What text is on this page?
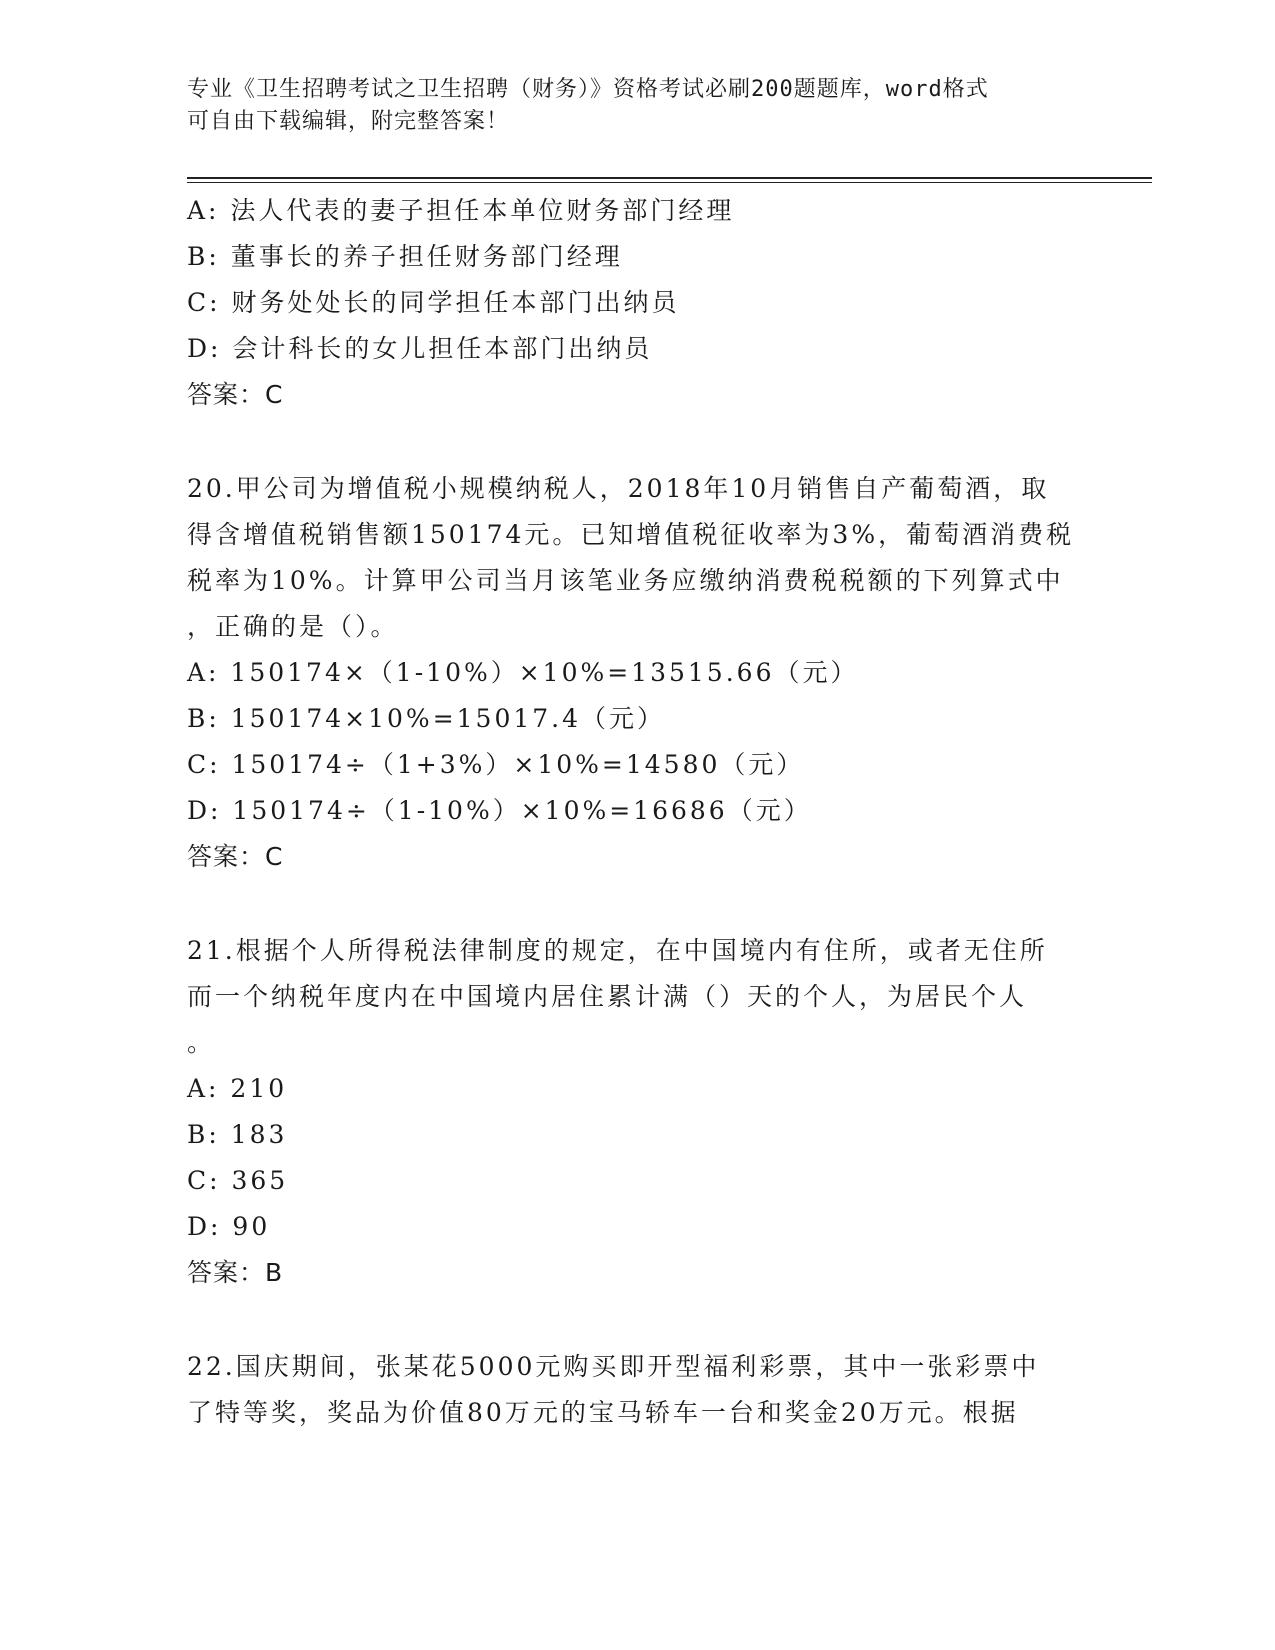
专业《卫生招聘考试之卫生招聘（财务）》资格考试必刷200题题库，word格式
可自由下载编辑，附完整答案！
A: 法人代表的妻子担任本单位财务部门经理
B: 董事长的养子担任财务部门经理
C: 财务处处长的同学担任本部门出纳员
D: 会计科长的女儿担任本部门出纳员
答案：C
20.甲公司为增值税小规模纳税人，2018年10月销售自产葡萄酒，取
得含增值税销售额150174元。已知增值税征收率为3%，葡萄酒消费税
税率为10%。计算甲公司当月该笔业务应缴纳消费税税额的下列算式中
，正确的是（）。
A: 150174×（1-10%）×10%=13515.66（元）
B: 150174×10%=15017.4（元）
C: 150174÷（1+3%）×10%=14580（元）
D: 150174÷（1-10%）×10%=16686（元）
答案：C
21.根据个人所得税法律制度的规定，在中国境内有住所，或者无住所
而一个纳税年度内在中国境内居住累计满（）天的个人，为居民个人
。
A: 210
B: 183
C: 365
D: 90
答案：B
22.国庆期间，张某花5000元购买即开型福利彩票，其中一张彩票中
了特等奖，奖品为价值80万元的宝马轿车一台和奖金20万元。根据
